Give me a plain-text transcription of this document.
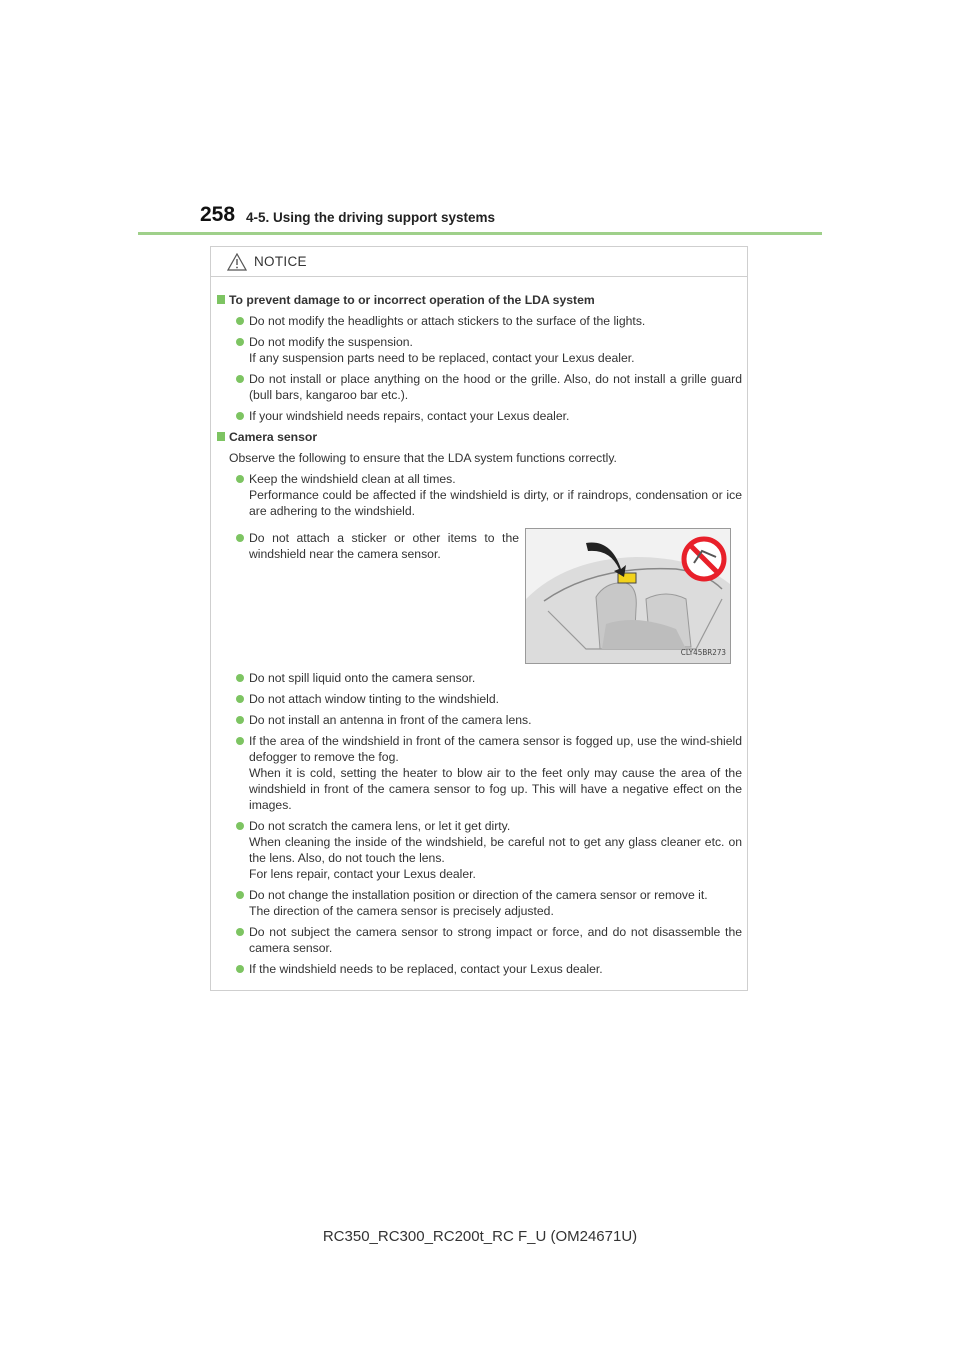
258 4-5. Using the driving support systems
NOTICE
To prevent damage to or incorrect operation of the LDA system

Do not modify the headlights or attach stickers to the surface of the lights.

Do not modify the suspension.

If any suspension parts need to be replaced, contact your Lexus dealer.

Do not install or place anything on the hood or the grille. Also, do not install a grille guard (bull bars, kangaroo bar etc.).

If your windshield needs repairs, contact your Lexus dealer.

Camera sensor
Observe the following to ensure that the LDA system functions correctly.

Keep the windshield clean at all times.

Performance could be affected if the windshield is dirty, or if raindrops, condensation or ice are adhering to the windshield.

Do not attach a sticker or other items to the windshield near the camera sensor.

CLY45BR273

Do not spill liquid onto the camera sensor.

Do not attach window tinting to the windshield.

Do not install an antenna in front of the camera lens.

If the area of the windshield in front of the camera sensor is fogged up, use the wind-shield defogger to remove the fog.

When it is cold, setting the heater to blow air to the feet only may cause the area of the windshield in front of the camera sensor to fog up. This will have a negative effect on the images.

Do not scratch the camera lens, or let it get dirty.

When cleaning the inside of the windshield, be careful not to get any glass cleaner etc. on the lens. Also, do not touch the lens.

For lens repair, contact your Lexus dealer.

Do not change the installation position or direction of the camera sensor or remove it.

The direction of the camera sensor is precisely adjusted.

Do not subject the camera sensor to strong impact or force, and do not disassemble the camera sensor.

If the windshield needs to be replaced, contact your Lexus dealer.

RC350_RC300_RC200t_RC F_U (OM24671U)
